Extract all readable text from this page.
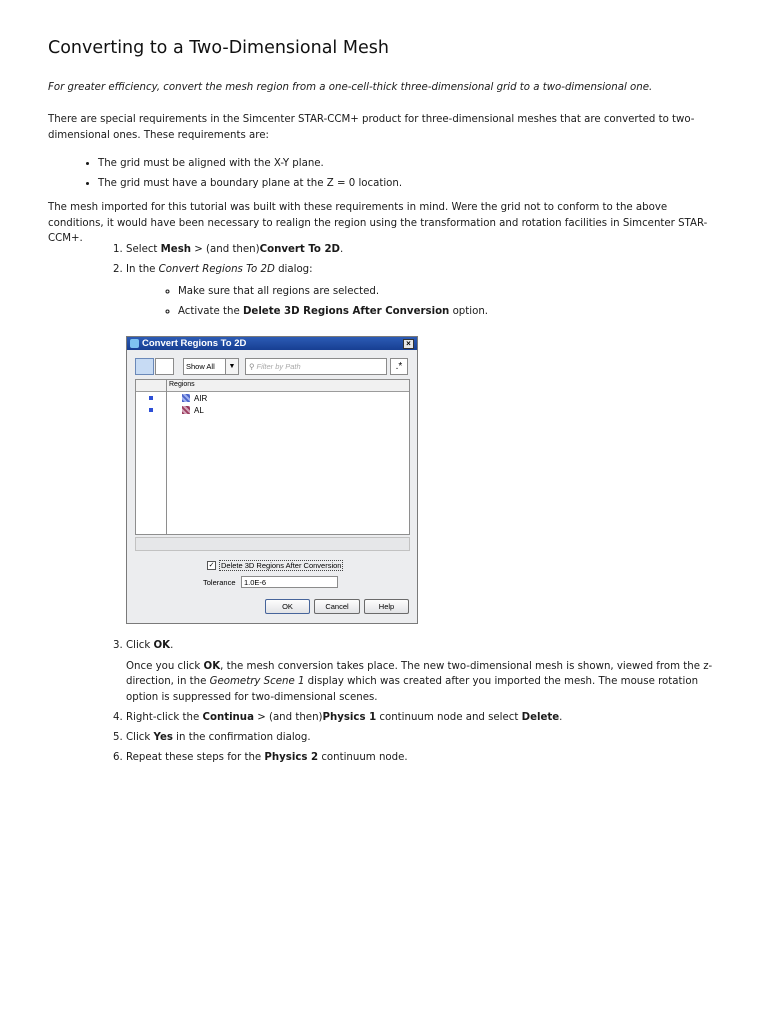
Converting to a Two-Dimensional Mesh

For greater efficiency, convert the mesh region from a one-cell-thick three-dimensional grid to a two-dimensional one.

There are special requirements in the Simcenter STAR-CCM+ product for three-dimensional meshes that are converted to two-dimensional ones. These requirements are:

• The grid must be aligned with the X-Y plane.
• The grid must have a boundary plane at the Z = 0 location.

The mesh imported for this tutorial was built with these requirements in mind. Were the grid not to conform to the above conditions, it would have been necessary to realign the region using the transformation and rotation facilities in Simcenter STAR-CCM+.

1. Select Mesh > (and then)Convert To 2D.
2. In the Convert Regions To 2D dialog:
◦ Make sure that all regions are selected.
◦ Activate the Delete 3D Regions After Conversion option.
3. Click OK.

Once you click OK, the mesh conversion takes place. The new two-dimensional mesh is shown, viewed from the z-direction, in the Geometry Scene 1 display which was created after you imported the mesh. The mouse rotation option is suppressed for two-dimensional scenes.

4. Right-click the Continua > (and then)Physics 1 continuum node and select Delete.
5. Click Yes in the confirmation dialog.
6. Repeat these steps for the Physics 2 continuum node.
Convert Regions To 2D	×
Show All	▼	⚲ Filter by Path	.*
Regions
AIR
AL
✓ Delete 3D Regions After Conversion
Tolerance	1.0E-6
OK	Cancel	Help
